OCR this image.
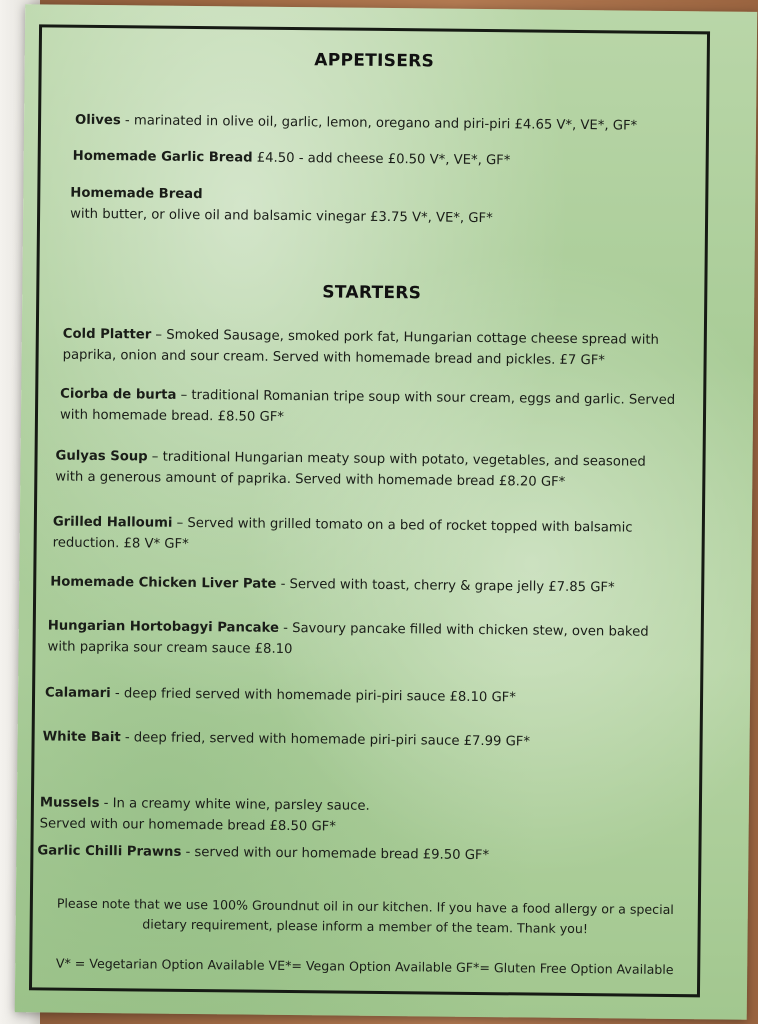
APPETISERS
Olives - marinated in olive oil, garlic, lemon, oregano and piri-piri £4.65 V*, VE*, GF*
Homemade Garlic Bread £4.50 - add cheese £0.50 V*, VE*, GF*
Homemade Bread
with butter, or olive oil and balsamic vinegar £3.75 V*, VE*, GF*
STARTERS
Cold Platter – Smoked Sausage, smoked pork fat, Hungarian cottage cheese spread with paprika, onion and sour cream. Served with homemade bread and pickles. £7 GF*
Ciorba de burta – traditional Romanian tripe soup with sour cream, eggs and garlic. Served with homemade bread. £8.50 GF*
Gulyas Soup – traditional Hungarian meaty soup with potato, vegetables, and seasoned with a generous amount of paprika. Served with homemade bread £8.20 GF*
Grilled Halloumi – Served with grilled tomato on a bed of rocket topped with balsamic reduction. £8 V* GF*
Homemade Chicken Liver Pate - Served with toast, cherry & grape jelly £7.85 GF*
Hungarian Hortobagyi Pancake - Savoury pancake filled with chicken stew, oven baked with paprika sour cream sauce £8.10
Calamari - deep fried served with homemade piri-piri sauce £8.10 GF*
White Bait - deep fried, served with homemade piri-piri sauce £7.99 GF*

Mussels - In a creamy white wine, parsley sauce.
Served with our homemade bread £8.50 GF*

Garlic Chilli Prawns - served with our homemade bread £9.50 GF*
Please note that we use 100% Groundnut oil in our kitchen. If you have a food allergy or a special dietary requirement, please inform a member of the team. Thank you!
V* = Vegetarian Option Available VE*= Vegan Option Available GF*= Gluten Free Option Available
